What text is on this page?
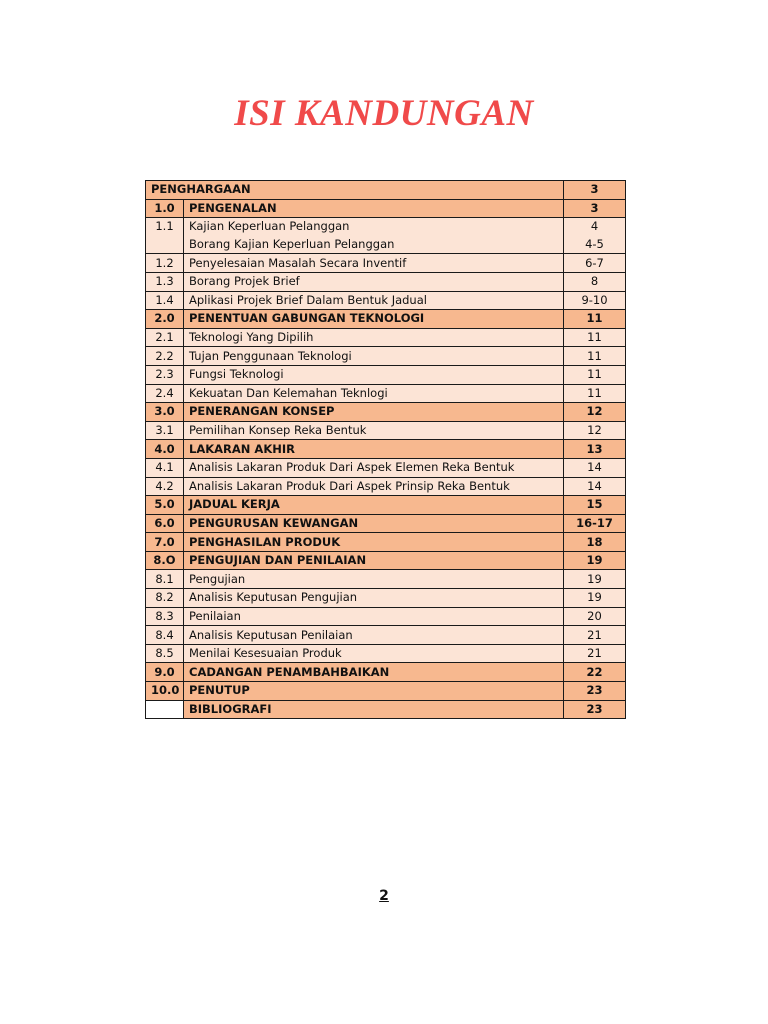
ISI KANDUNGAN
PENGHARGAAN		3
1.0	PENGENALAN	3
1.1	Kajian Keperluan Pelanggan	4
	Borang Kajian Keperluan Pelanggan	4-5
1.2	Penyelesaian Masalah Secara Inventif	6-7
1.3	Borang Projek Brief	8
1.4	Aplikasi Projek Brief Dalam Bentuk Jadual	9-10
2.0	PENENTUAN GABUNGAN TEKNOLOGI	11
2.1	Teknologi Yang Dipilih	11
2.2	Tujan Penggunaan Teknologi	11
2.3	Fungsi Teknologi	11
2.4	Kekuatan Dan Kelemahan Teknlogi	11
3.0	PENERANGAN KONSEP	12
3.1	Pemilihan Konsep Reka Bentuk	12
4.0	LAKARAN AKHIR	13
4.1	Analisis Lakaran Produk Dari Aspek Elemen Reka Bentuk	14
4.2	Analisis Lakaran Produk Dari Aspek Prinsip Reka Bentuk	14
5.0	JADUAL KERJA	15
6.0	PENGURUSAN KEWANGAN	16-17
7.0	PENGHASILAN PRODUK	18
8.O	PENGUJIAN DAN PENILAIAN	19
8.1	Pengujian	19
8.2	Analisis Keputusan Pengujian	19
8.3	Penilaian	20
8.4	Analisis Keputusan Penilaian	21
8.5	Menilai Kesesuaian Produk	21
9.0	CADANGAN PENAMBAHBAIKAN	22
10.0	PENUTUP	23
	BIBLIOGRAFI	23
2
